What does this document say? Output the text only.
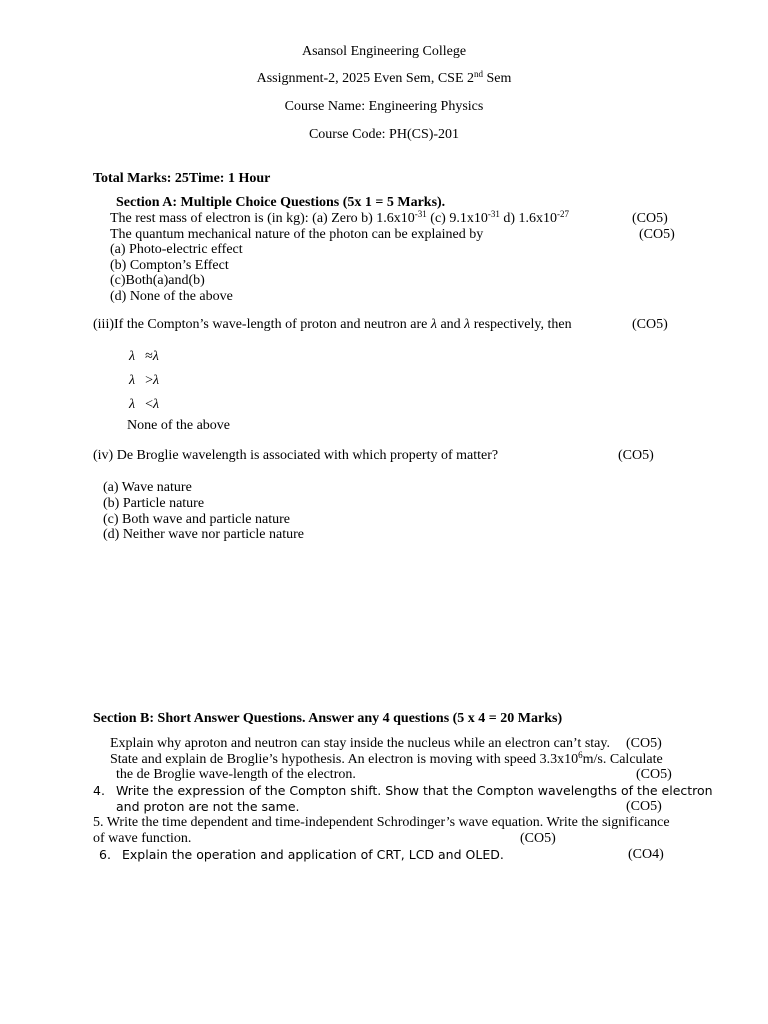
Asansol Engineering College
Assignment-2, 2025 Even Sem, CSE 2nd Sem
Course Name: Engineering Physics
Course Code: PH(CS)-201
Total Marks: 25Time: 1 Hour
Section A: Multiple Choice Questions (5x 1 = 5 Marks).
The rest mass of electron is (in kg): (a) Zero b) $1.6x10^{-31}$ (c) $9.1x10^{-31}$ d) $1.6x10^{-27}$	(CO5)
The quantum mechanical nature of the photon can be explained by	(CO5)
(a) Photo-electric effect
(b) Compton’s Effect
(c)Both(a)and(b)
(d) None of the above
(iii)If the Compton’s wave-length of proton and neutron are λ and λ respectively, then	(CO5)
λ ≈λ
λ >λ
λ <λ
None of the above
(iv) De Broglie wavelength is associated with which property of matter?	(CO5)
(a) Wave nature
(b) Particle nature
(c) Both wave and particle nature
(d) Neither wave nor particle nature
Section B: Short Answer Questions. Answer any 4 questions (5 x 4 = 20 Marks)
Explain why aproton and neutron can stay inside the nucleus while an electron can’t stay. (CO5)
State and explain de Broglie’s hypothesis. An electron is moving with speed $3.3x10^6m/s$. Calculate
the de Broglie wave-length of the electron.	(CO5)
4. Write the expression of the Compton shift. Show that the Compton wavelengths of the electron
and proton are not the same.	(CO5)
5. Write the time dependent and time-independent Schrodinger’s wave equation. Write the significance
of wave function.	(CO5)
6. Explain the operation and application of CRT, LCD and OLED.	(CO4)
